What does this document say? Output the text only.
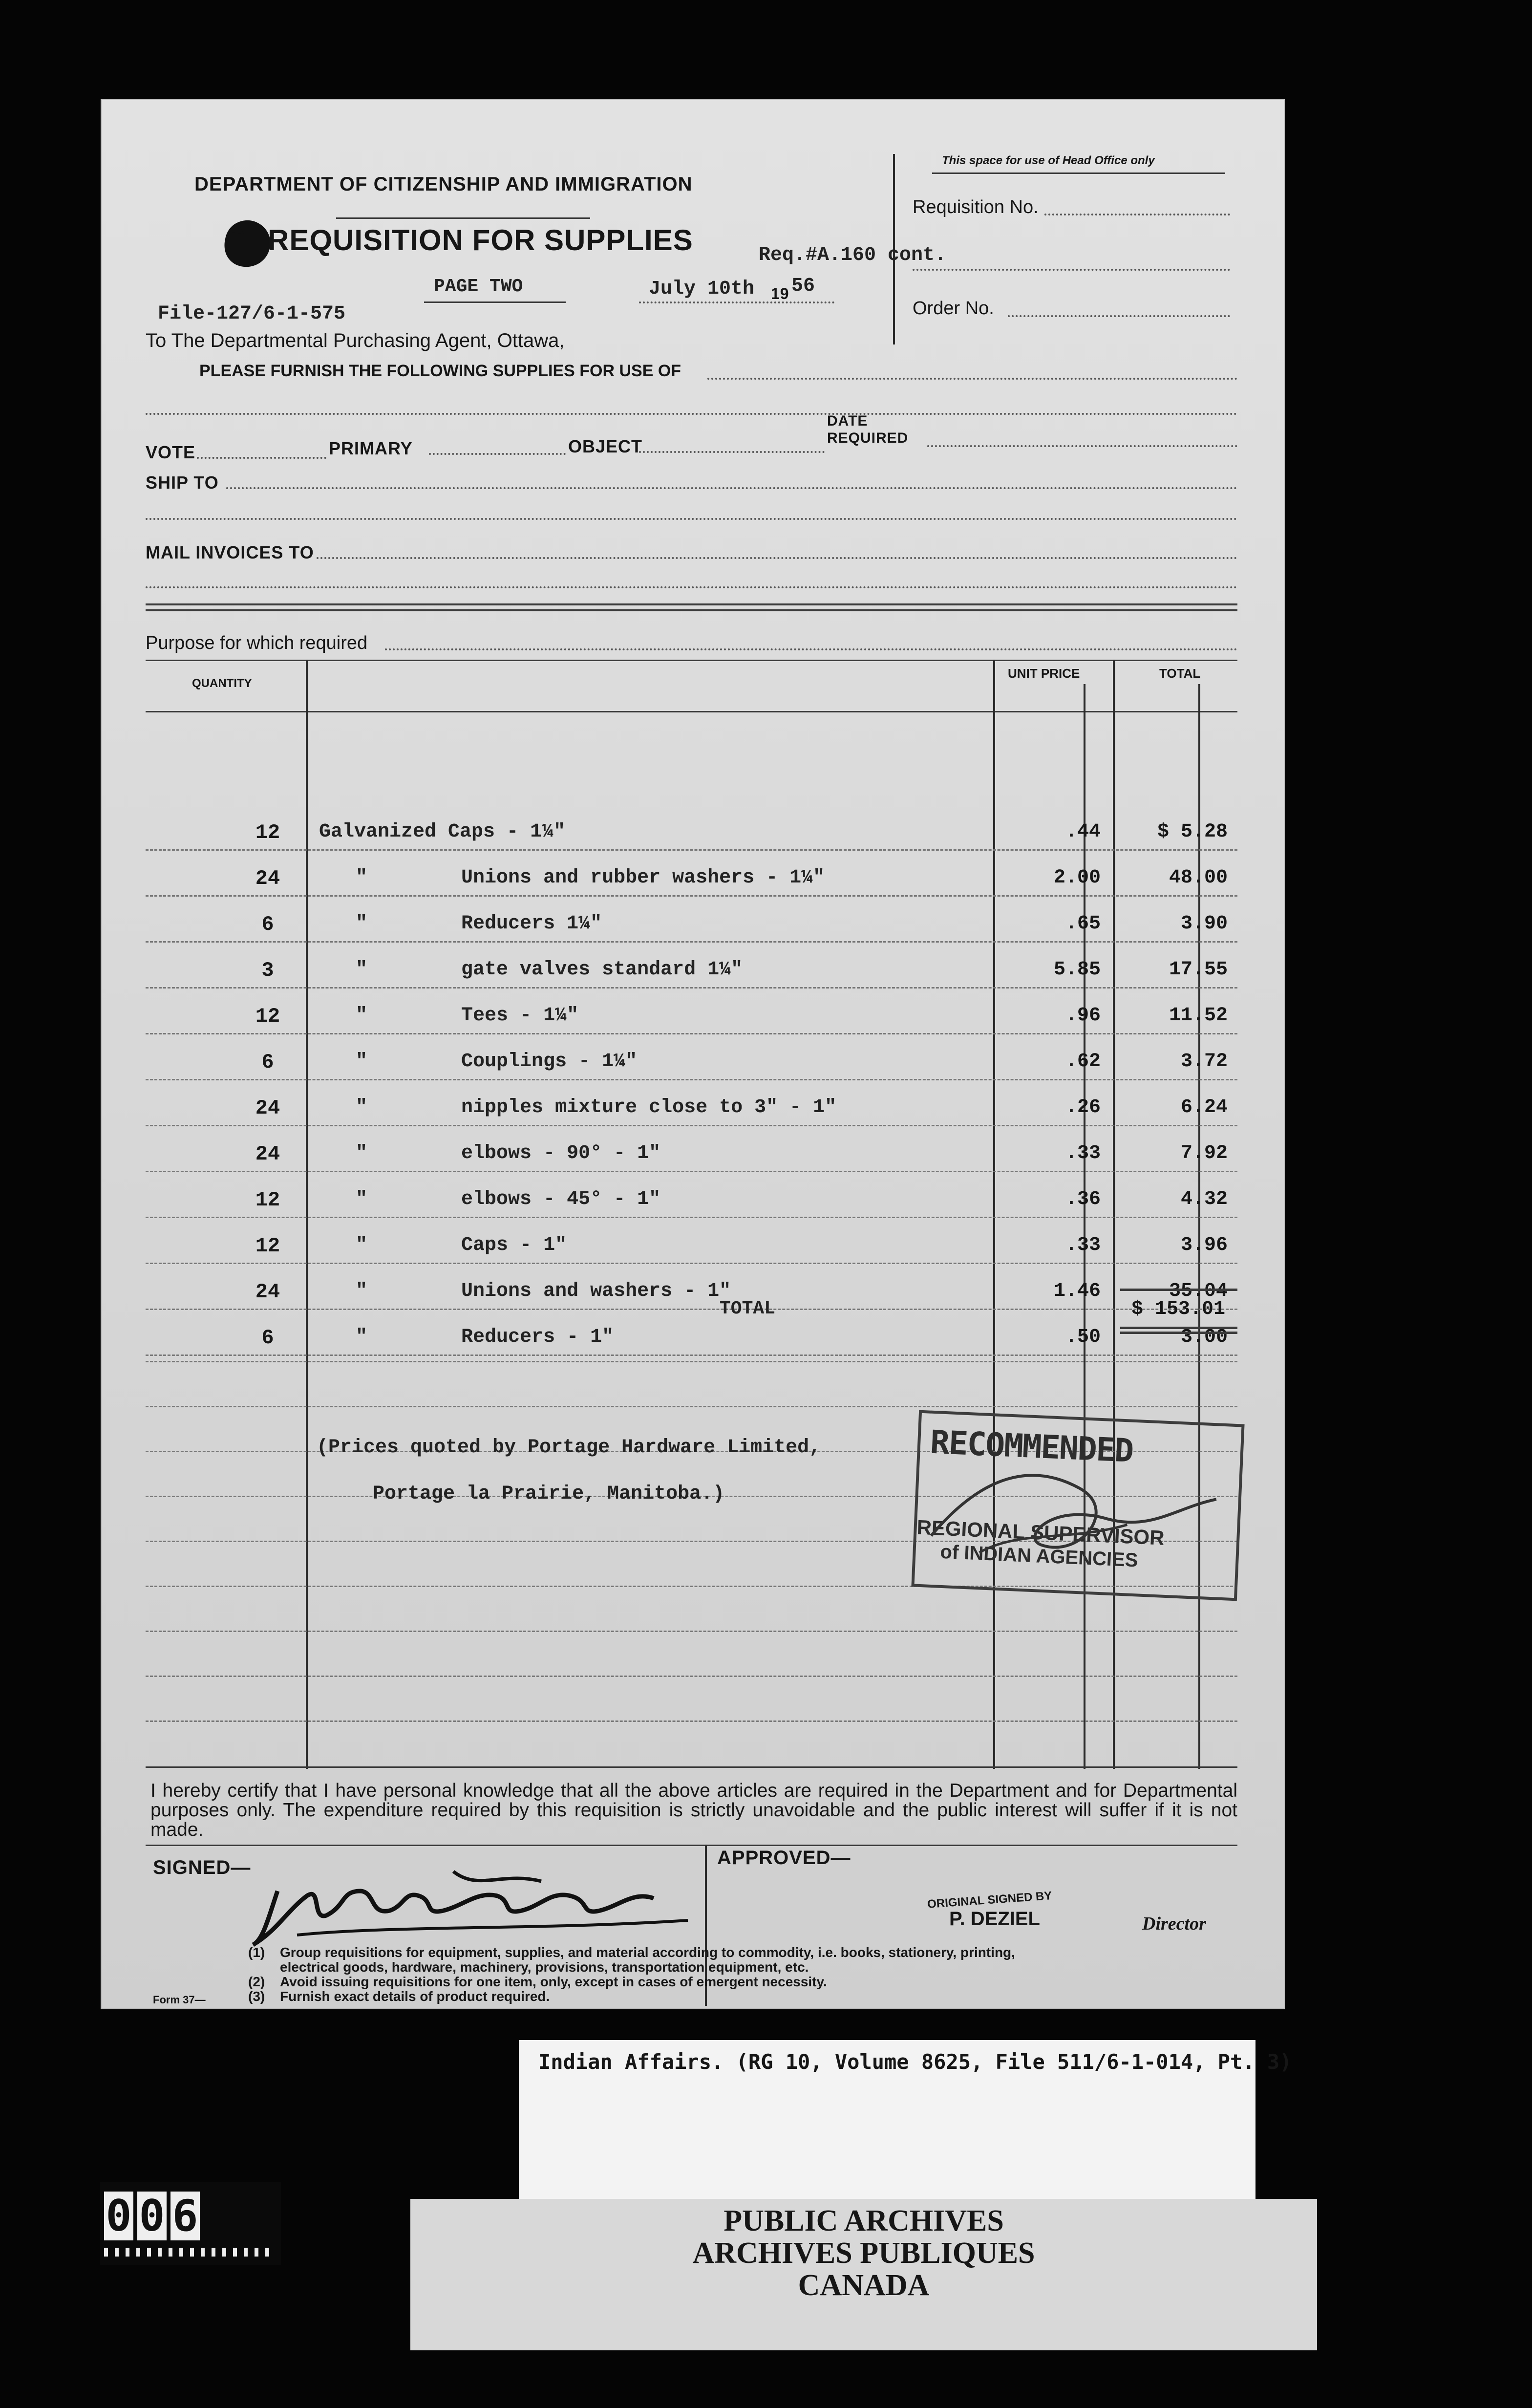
This space for use of Head Office only
Requisition No.
Order No.
DEPARTMENT OF CITIZENSHIP AND IMMIGRATION
REQUISITION FOR SUPPLIES
PAGE TWO	July 10th 19 56
Req.#A.160 cont.
File-127/6-1-575
To The Departmental Purchasing Agent, Ottawa,
PLEASE FURNISH THE FOLLOWING SUPPLIES FOR USE OF
VOTE	PRIMARY	OBJECT
DATE
REQUIRED
SHIP TO
MAIL INVOICES TO
Purpose for which required
QUANTITY
UNIT PRICE	TOTAL
12	Galvanized Caps - 1¼"	.44	$ 5.28
24	"        Unions and rubber washers - 1¼"	2.00	48.00
6	"        Reducers 1¼"	.65	3.90
3	"        gate valves standard 1¼"	5.85	17.55
12	"        Tees - 1¼"	.96	11.52
6	"        Couplings - 1¼"	.62	3.72
24	"        nipples mixture close to 3" - 1"	.26	6.24
24	"        elbows - 90° - 1"	.33	7.92
12	"        elbows - 45° - 1"	.36	4.32
12	"        Caps - 1"	.33	3.96
24	"        Unions and washers - 1"	1.46	35.04
6	"        Reducers - 1"	.50	3.00
TOTAL	$ 153.01
(Prices quoted by Portage Hardware Limited,
Portage la Prairie, Manitoba.)
RECOMMENDED
REGIONAL SUPERVISOR
of INDIAN AGENCIES
I hereby certify that I have personal knowledge that all the above articles are required in the Department and for Departmental purposes only. The expenditure required by this requisition is strictly unavoidable and the public interest will suffer if it is not made.
SIGNED—	APPROVED—
ORIGINAL SIGNED BY
P. DEZIEL	Director
(1) Group requisitions for equipment, supplies, and material according to commodity, i.e. books, stationery, printing,
electrical goods, hardware, machinery, provisions, transportation equipment, etc.
(2) Avoid issuing requisitions for one item, only, except in cases of emergent necessity.
(3) Furnish exact details of product required.
Form 37—
Indian Affairs. (RG 10, Volume 8625, File 511/6-1-014, Pt. 3)
PUBLIC ARCHIVES
ARCHIVES PUBLIQUES
CANADA
0 0 6
